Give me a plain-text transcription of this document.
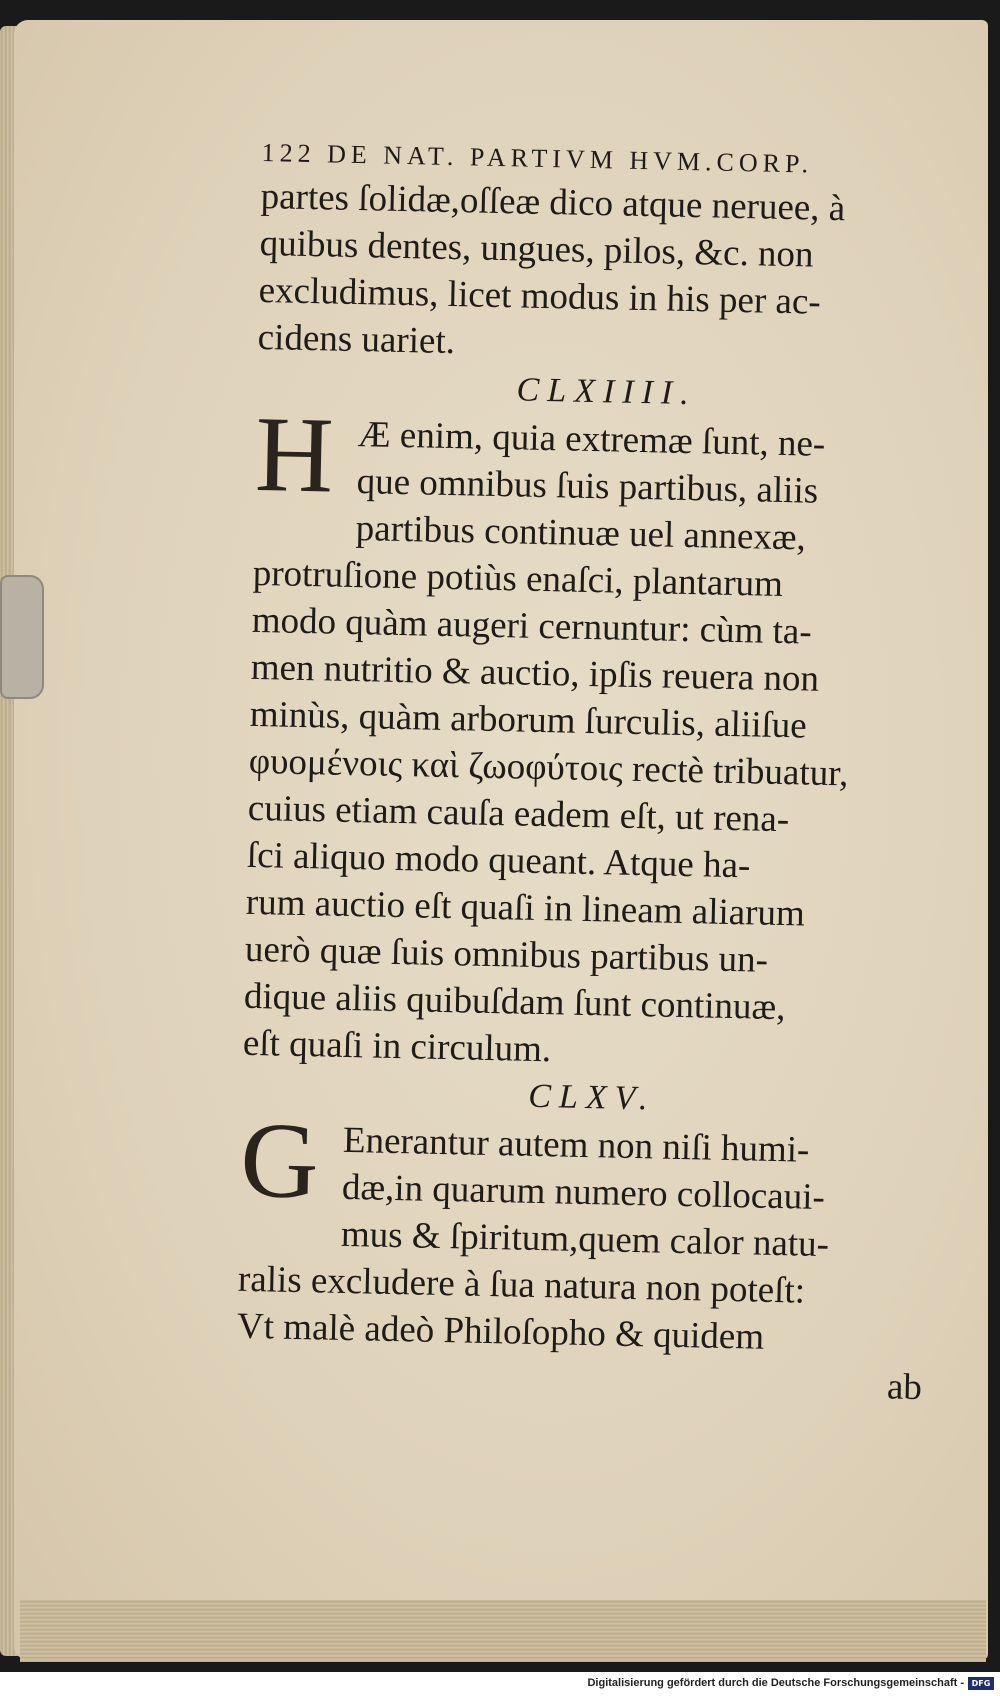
122 DE NAT. PARTIVM HVM.CORP.
partes ſolidæ,oſſeæ dico atque neruee, à
quibus dentes, ungues, pilos, &c. non
excludimus, licet modus in his per ac-
cidens uariet.
CLXIIII.
H Æ enim, quia extremæ ſunt, ne-
que omnibus ſuis partibus, aliis
partibus continuæ uel annexæ,
protruſione potiùs enaſci, plantarum
modo quàm augeri cernuntur: cùm ta-
men nutritio & auctio, ipſis reuera non
minùs, quàm arborum ſurculis, aliiſue
φυομένοις καὶ ζωοφύτοις rectè tribuatur,
cuius etiam cauſa eadem eſt, ut rena-
ſci aliquo modo queant. Atque ha-
rum auctio eſt quaſi in lineam aliarum
uerò quæ ſuis omnibus partibus un-
dique aliis quibuſdam ſunt continuæ,
eſt quaſi in circulum.
CLXV.
G Enerantur autem non niſi humi-
dæ,in quarum numero collocaui-
mus & ſpiritum,quem calor natu-
ralis excludere à ſua natura non poteſt:
Vt malè adeò Philoſopho & quidem
ab
Digitalisierung gefördert durch die Deutsche Forschungsgemeinschaft - DFG
